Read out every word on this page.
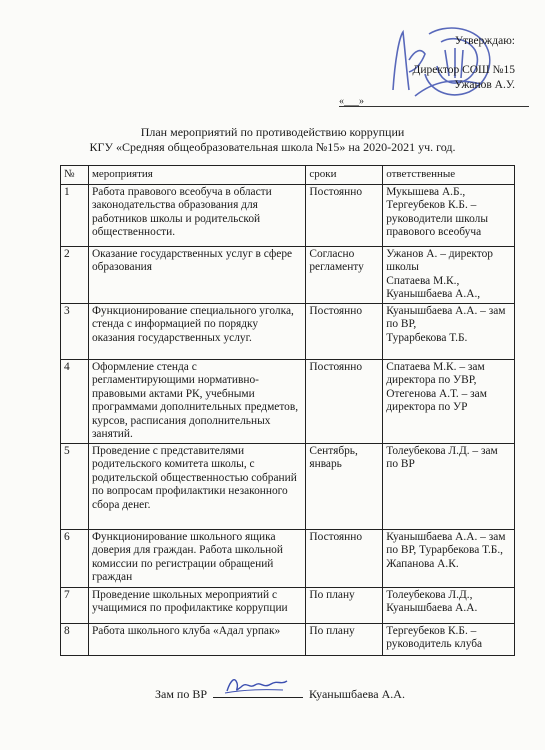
Утверждаю:
Директор СОШ №15
Ужанов А.У.
«___»
План мероприятий по противодействию коррупции
КГУ «Средняя общеобразовательная школа №15» на 2020-2021 уч. год.
№	мероприятия	сроки	ответственные
1	Работа правового всеобуча в области законодательства образования для работников школы и родительской общественности.	Постоянно	Мукышева А.Б., Тергеубеков К.Б. – руководители школы правового всеобуча
2	Оказание государственных услуг в сфере образования	Согласно регламенту	Ужанов А. – директор школы
Спатаева М.К.,
Куанышбаева А.А.,
3	Функционирование специального уголка, стенда с информацией по порядку оказания государственных услуг.	Постоянно	Куанышбаева А.А. – зам по ВР,
Турарбекова Т.Б.
4	Оформление стенда с регламентирующими нормативно-правовыми актами РК, учебными программами дополнительных предметов, курсов, расписания дополнительных занятий.	Постоянно	Спатаева М.К. – зам директора по УВР, Отегенова А.Т. – зам директора по УР
5	Проведение с представителями родительского комитета школы, с родительской общественностью собраний по вопросам профилактики незаконного сбора денег.	Сентябрь, январь	Толеубекова Л.Д. – зам по ВР
6	Функционирование школьного ящика доверия для граждан. Работа школьной комиссии по регистрации обращений граждан	Постоянно	Куанышбаева А.А. – зам по ВР, Турарбекова Т.Б., Жапанова А.К.
7	Проведение школьных мероприятий с учащимися по профилактике коррупции	По плану	Толеубекова Л.Д., Куанышбаева А.А.
8	Работа школьного клуба «Адал урпак»	По плану	Тергеубеков К.Б. – руководитель клуба
Зам по ВР	Куанышбаева А.А.
